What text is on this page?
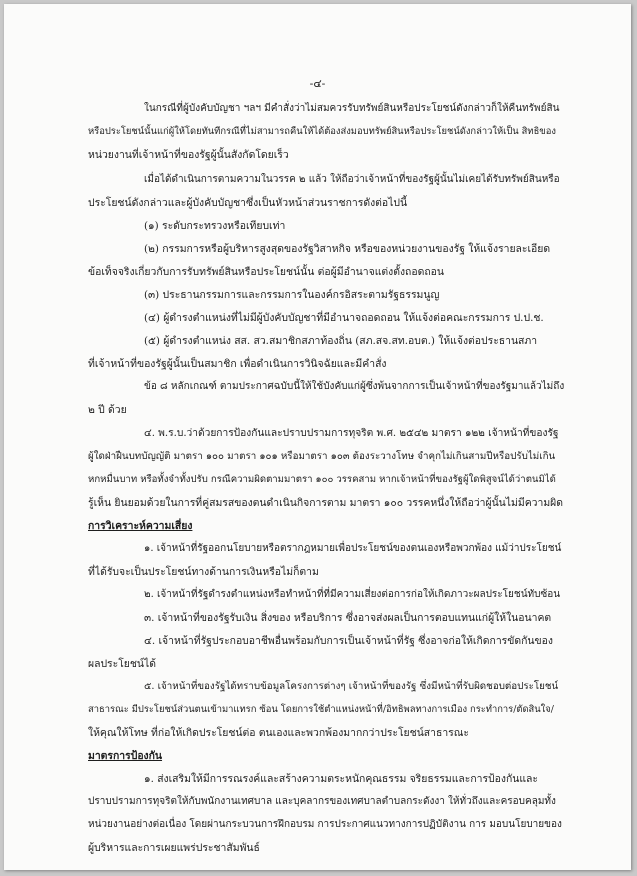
-๔-
ในกรณีที่ผู้บังคับบัญชา ฯลฯ มีคำสั่งว่าไม่สมควรรับทรัพย์สินหรือประโยชน์ดังกล่าวก็ให้คืนทรัพย์สิน
หรือประโยชน์นั้นแก่ผู้ให้โดยทันทีกรณีที่ไม่สามารถคืนให้ได้ต้องส่งมอบทรัพย์สินหรือประโยชน์ดังกล่าวให้เป็น สิทธิของ
หน่วยงานที่เจ้าหน้าที่ของรัฐผู้นั้นสังกัดโดยเร็ว
เมื่อได้ดำเนินการตามความในวรรค ๒ แล้ว ให้ถือว่าเจ้าหน้าที่ของรัฐผู้นั้นไม่เคยได้รับทรัพย์สินหรือ
ประโยชน์ดังกล่าวและผู้บังคับบัญชาซึ่งเป็นหัวหน้าส่วนราชการดังต่อไปนี้
(๑) ระดับกระทรวงหรือเทียบเท่า
(๒) กรรมการหรือผู้บริหารสูงสุดของรัฐวิสาหกิจ หรือของหน่วยงานของรัฐ ให้แจ้งรายละเอียด
ข้อเท็จจริงเกี่ยวกับการรับทรัพย์สินหรือประโยชน์นั้น ต่อผู้มีอำนาจแต่งตั้งถอดถอน
(๓) ประธานกรรมการและกรรมการในองค์กรอิสระตามรัฐธรรมนูญ
(๔) ผู้ดำรงตำแหน่งที่ไม่มีผู้บังคับบัญชาที่มีอำนาจถอดถอน ให้แจ้งต่อคณะกรรมการ ป.ป.ช.
(๕) ผู้ดำรงตำแหน่ง สส. สว.สมาชิกสภาท้องถิ่น (สภ.สจ.สท.อบต.) ให้แจ้งต่อประธานสภา
ที่เจ้าหน้าที่ของรัฐผู้นั้นเป็นสมาชิก เพื่อดำเนินการวินิจฉัยและมีคำสั่ง
ข้อ ๘ หลักเกณฑ์ ตามประกาศฉบับนี้ให้ใช้บังคับแก่ผู้ซึ่งพ้นจากการเป็นเจ้าหน้าที่ของรัฐมาแล้วไม่ถึง
๒ ปี ด้วย
๔. พ.ร.บ.ว่าด้วยการป้องกันและปราบปรามการทุจริต พ.ศ. ๒๕๔๒ มาตรา ๑๒๒ เจ้าหน้าที่ของรัฐ
ผู้ใดฝ่าฝืนบทบัญญัติ มาตรา ๑๐๐ มาตรา ๑๐๑ หรือมาตรา ๑๐๓ ต้องระวางโทษ จำคุกไม่เกินสามปีหรือปรับไม่เกิน
หกหมื่นบาท หรือทั้งจำทั้งปรับ กรณีความผิดตามมาตรา ๑๐๐ วรรคสาม หากเจ้าหน้าที่ของรัฐผู้ใดพิสูจน์ได้ว่าตนมิได้
รู้เห็น ยินยอมด้วยในการที่คู่สมรสของตนดำเนินกิจการตาม มาตรา ๑๐๐ วรรคหนึ่งให้ถือว่าผู้นั้นไม่มีความผิด
การวิเคราะห์ความเสี่ยง
๑. เจ้าหน้าที่รัฐออกนโยบายหรือตรากฎหมายเพื่อประโยชน์ของตนเองหรือพวกพ้อง แม้ว่าประโยชน์
ที่ได้รับจะเป็นประโยชน์ทางด้านการเงินหรือไม่ก็ตาม
๒. เจ้าหน้าที่รัฐดำรงตำแหน่งหรือทำหน้าที่ที่มีความเสี่ยงต่อการก่อให้เกิดภาวะผลประโยชน์ทับซ้อน
๓. เจ้าหน้าที่ของรัฐรับเงิน สิ่งของ หรือบริการ ซึ่งอาจส่งผลเป็นการตอบแทนแก่ผู้ให้ในอนาคต
๔. เจ้าหน้าที่รัฐประกอบอาชีพอื่นพร้อมกับการเป็นเจ้าหน้าที่รัฐ ซึ่งอาจก่อให้เกิดการขัดกันของ
ผลประโยชน์ได้
๕. เจ้าหน้าที่ของรัฐได้ทราบข้อมูลโครงการต่างๆ เจ้าหน้าที่ของรัฐ ซึ่งมีหน้าที่รับผิดชอบต่อประโยชน์
สาธารณะ มีประโยชน์ส่วนตนเข้ามาแทรก ซ้อน โดยการใช้ตำแหน่งหน้าที่/อิทธิพลทางการเมือง กระทำการ/ตัดสินใจ/
ให้คุณให้โทษ ที่ก่อให้เกิดประโยชน์ต่อ ตนเองและพวกพ้องมากกว่าประโยชน์สาธารณะ
มาตรการป้องกัน
๑. ส่งเสริมให้มีการรณรงค์และสร้างความตระหนักคุณธรรม จริยธรรมและการป้องกันและ
ปราบปรามการทุจริตให้กับพนักงานเทศบาล และบุคลากรของเทศบาลตำบลกระดังงา ให้ทั่วถึงและครอบคลุมทั้ง
หน่วยงานอย่างต่อเนื่อง โดยผ่านกระบวนการฝึกอบรม การประกาศแนวทางการปฏิบัติงาน การ มอบนโยบายของ
ผู้บริหารและการเผยแพร่ประชาสัมพันธ์
